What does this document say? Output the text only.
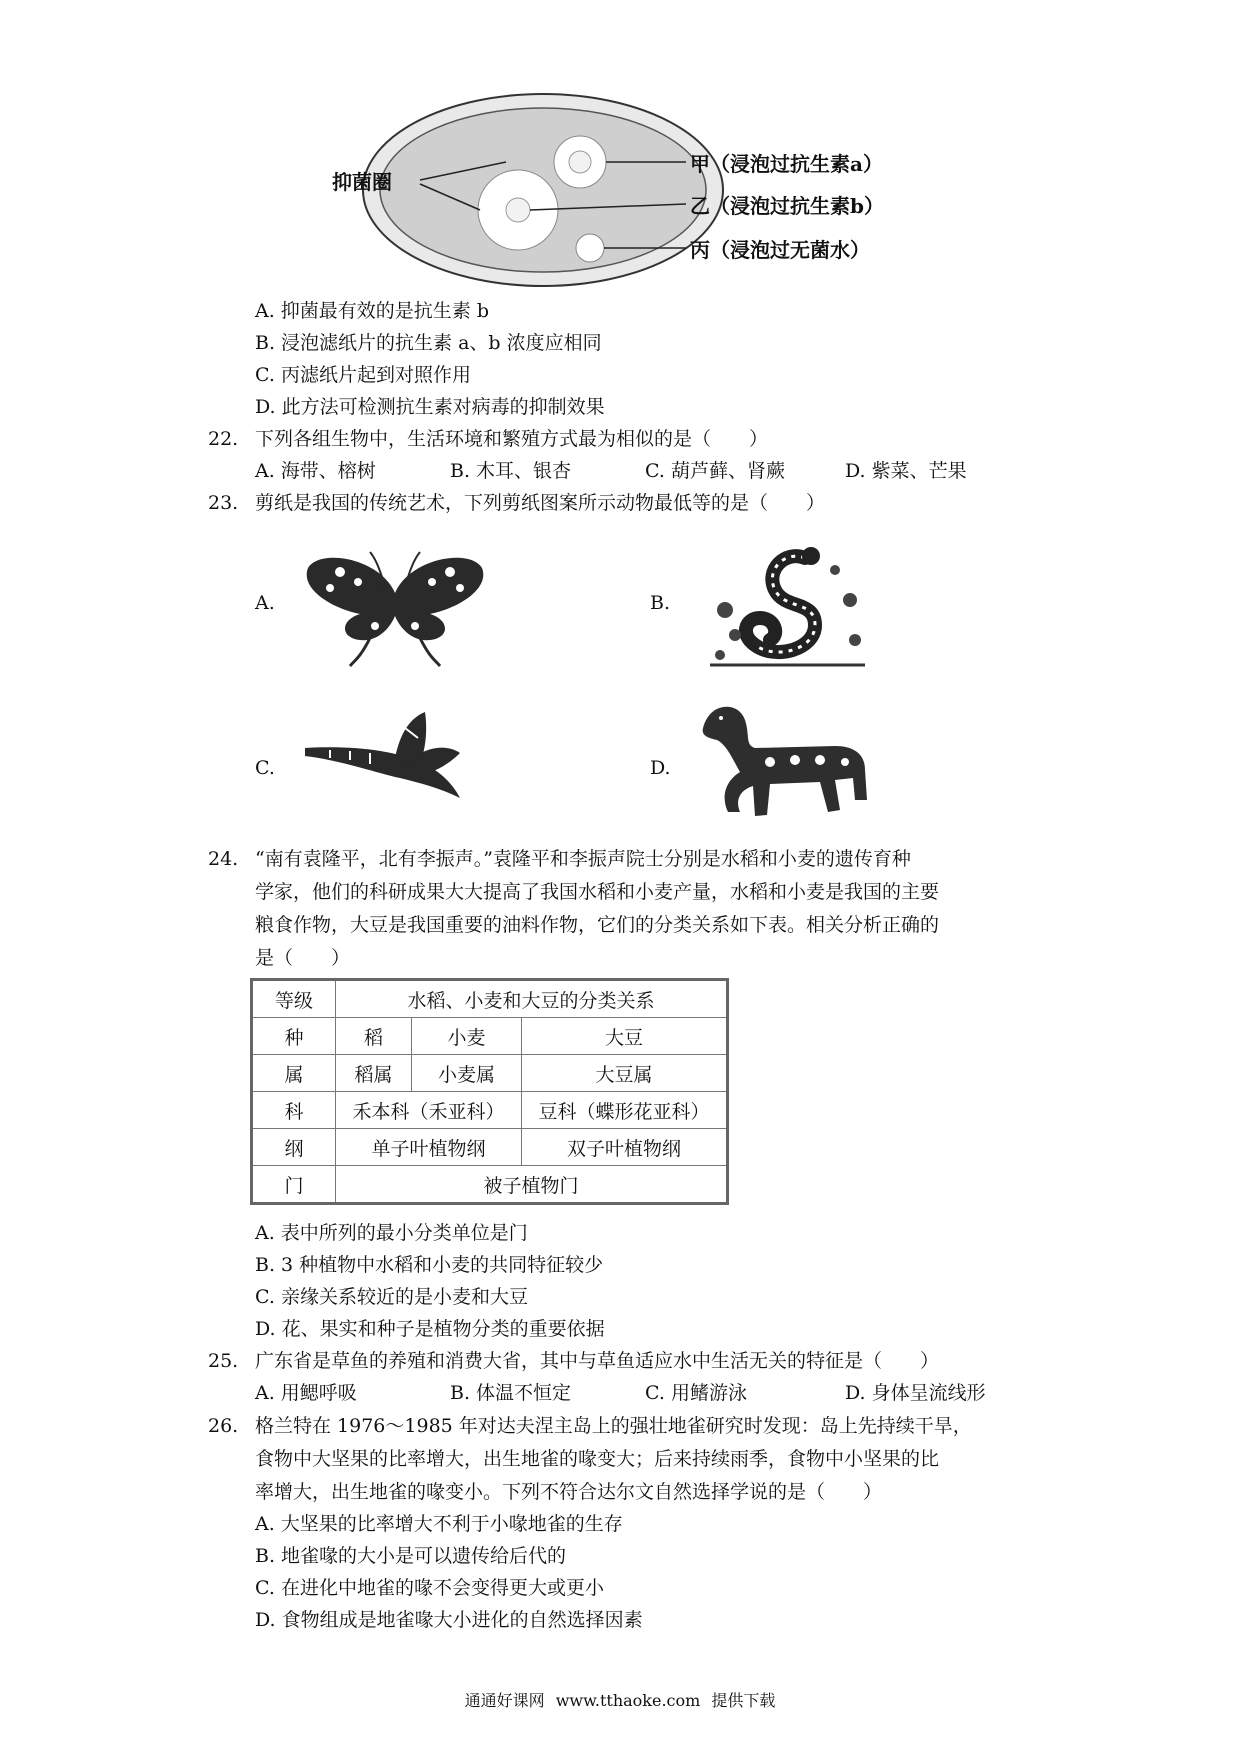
抑菌圈
甲（浸泡过抗生素a）
乙（浸泡过抗生素b）
丙（浸泡过无菌水）
A. 抑菌最有效的是抗生素 b
B. 浸泡滤纸片的抗生素 a、b 浓度应相同
C. 丙滤纸片起到对照作用
D. 此方法可检测抗生素对病毒的抑制效果
22. 下列各组生物中，生活环境和繁殖方式最为相似的是（　　）
A. 海带、榕树	B. 木耳、银杏	C. 葫芦藓、肾蕨	D. 紫菜、芒果
23. 剪纸是我国的传统艺术，下列剪纸图案所示动物最低等的是（　　）
A.	B.
C.	D.
24. “南有袁隆平，北有李振声。”袁隆平和李振声院士分别是水稻和小麦的遗传育种
学家，他们的科研成果大大提高了我国水稻和小麦产量，水稻和小麦是我国的主要
粮食作物，大豆是我国重要的油料作物，它们的分类关系如下表。相关分析正确的
是（　　）
等级	水稻、小麦和大豆的分类关系		
种	稻	小麦	大豆
属	稻属	小麦属	大豆属
科	禾本科（禾亚科）		豆科（蝶形花亚科）
纲	单子叶植物纲		双子叶植物纲
门	被子植物门		
A. 表中所列的最小分类单位是门
B. 3 种植物中水稻和小麦的共同特征较少
C. 亲缘关系较近的是小麦和大豆
D. 花、果实和种子是植物分类的重要依据
25. 广东省是草鱼的养殖和消费大省，其中与草鱼适应水中生活无关的特征是（　　）
A. 用鳃呼吸	B. 体温不恒定	C. 用鳍游泳	D. 身体呈流线形
26. 格兰特在 1976～1985 年对达夫涅主岛上的强壮地雀研究时发现：岛上先持续干旱，
食物中大坚果的比率增大，出生地雀的喙变大；后来持续雨季，食物中小坚果的比
率增大，出生地雀的喙变小。下列不符合达尔文自然选择学说的是（　　）
A. 大坚果的比率增大不利于小喙地雀的生存
B. 地雀喙的大小是可以遗传给后代的
C. 在进化中地雀的喙不会变得更大或更小
D. 食物组成是地雀喙大小进化的自然选择因素
通通好课网 www.tthaoke.com 提供下载
